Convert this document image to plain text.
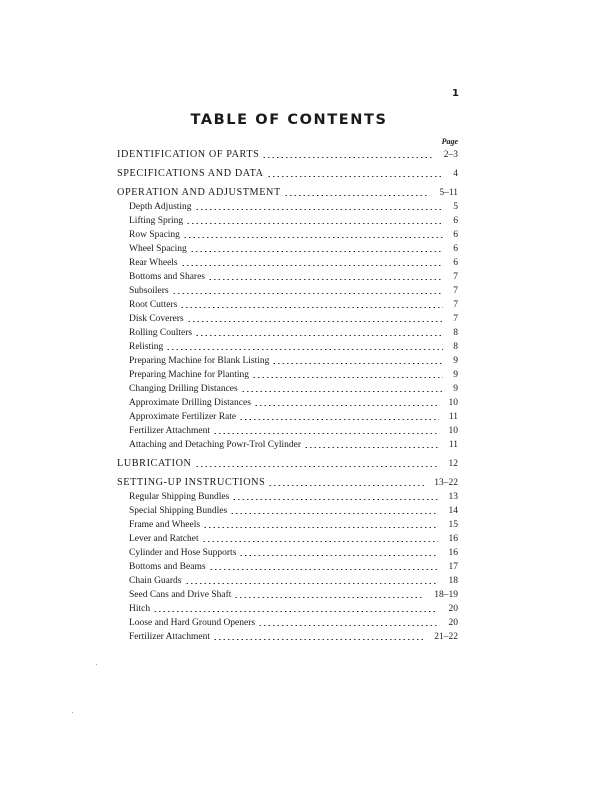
1
TABLE OF CONTENTS
Page
IDENTIFICATION OF PARTS	2–3
SPECIFICATIONS AND DATA	4
OPERATION AND ADJUSTMENT	5–11
Depth Adjusting	5
Lifting Spring	6
Row Spacing	6
Wheel Spacing	6
Rear Wheels	6
Bottoms and Shares	7
Subsoilers	7
Root Cutters	7
Disk Coverers	7
Rolling Coulters	8
Relisting	8
Preparing Machine for Blank Listing	9
Preparing Machine for Planting	9
Changing Drilling Distances	9
Approximate Drilling Distances	10
Approximate Fertilizer Rate	11
Fertilizer Attachment	10
Attaching and Detaching Powr-Trol Cylinder	11
LUBRICATION	12
SETTING-UP INSTRUCTIONS	13–22
Regular Shipping Bundles	13
Special Shipping Bundles	14
Frame and Wheels	15
Lever and Ratchet	16
Cylinder and Hose Supports	16
Bottoms and Beams	17
Chain Guards	18
Seed Cans and Drive Shaft	18–19
Hitch	20
Loose and Hard Ground Openers	20
Fertilizer Attachment	21–22
